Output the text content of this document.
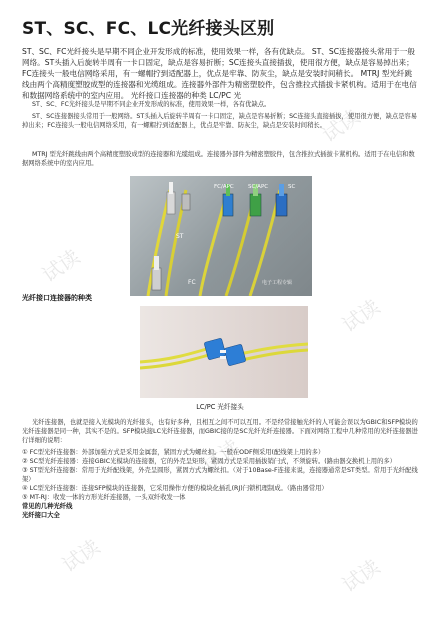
试读
试读
试读
试读
试读
试读	试读
ST、SC、FC、LC光纤接头区别

ST、SC、FC光纤接头是早期不同企业开发形成的标准，使用效果一样，各有优缺点。 ST、SC连接器接头常用于一般网络。ST头插入后旋转半周有一卡口固定，缺点是容易折断；SC连接头直接插拔，使用很方便，缺点是容易掉出来；FC连接头一般电信网络采用，有一螺帽拧到适配器上，优点是牢靠、防灰尘，缺点是安装时间稍长。 MTRJ 型光纤跳线由两个高精度塑胶成型的连接器和光缆组成。连接器外部件为精密塑胶件，包含推拉式插拔卡紧机构。适用于在电信和数据网络系统中的室内应用。 光纤接口连接器的种类 LC/PC 光

ST、SC、FC光纤接头是早期不同企业开发形成的标准，使用效果一样，各有优缺点。

ST、SC连接器接头常用于一般网络。ST头插入后旋转半周有一卡口固定，缺点是容易折断；SC连接头直接插拔，使用很方便，缺点是容易掉出来；FC连接头一般电信网络采用，有一螺帽拧到适配器上，优点是牢靠、防灰尘，缺点是安装时间稍长。

MTRJ 型光纤跳线由两个高精度塑胶成型的连接器和光缆组成。连接器外部件为精密塑胶件，包含推拉式插拔卡紧机构。适用于在电信和数据网络系统中的室内应用。

ST
FC/APC	SC/APC	SC
FC	电子工程专辑
光纤接口连接器的种类
LC/PC 光纤接头

光纤连接器，也就是接入光模块的光纤接头，也有好多种，且相互之间不可以互用。不是经常接触光纤的人可能会误以为GBIC和SFP模块的光纤连接器是同一种，其实不是的。SFP模块接LC光纤连接器，而GBIC接的是SC光纤光纤连接器。下面对网络工程中几种常用的光纤连接器进行详细的说明：

① FC型光纤连接器：外部加强方式是采用金属套，紧固方式为螺丝扣。一般在ODF侧采用(配线架上用的多）
② SC型光纤连接器：连接GBIC光模块的连接器，它的外壳呈矩形，紧固方式是采用插拔销闩式，不须旋转。(路由器交换机上用的多）
③ ST型光纤连接器：常用于光纤配线架，外壳呈圆形，紧固方式为螺丝扣。（对于10Base-F连接来说，连接器通常是ST类型。常用于光纤配线架）
④ LC型光纤连接器：连接SFP模块的连接器，它采用操作方便的模块化插孔(RJ)闩锁机理制成。（路由器常用）
⑤ MT-RJ：收发一体的方形光纤连接器，一头双纤收发一体
常见的几种光纤线
光纤接口大全
